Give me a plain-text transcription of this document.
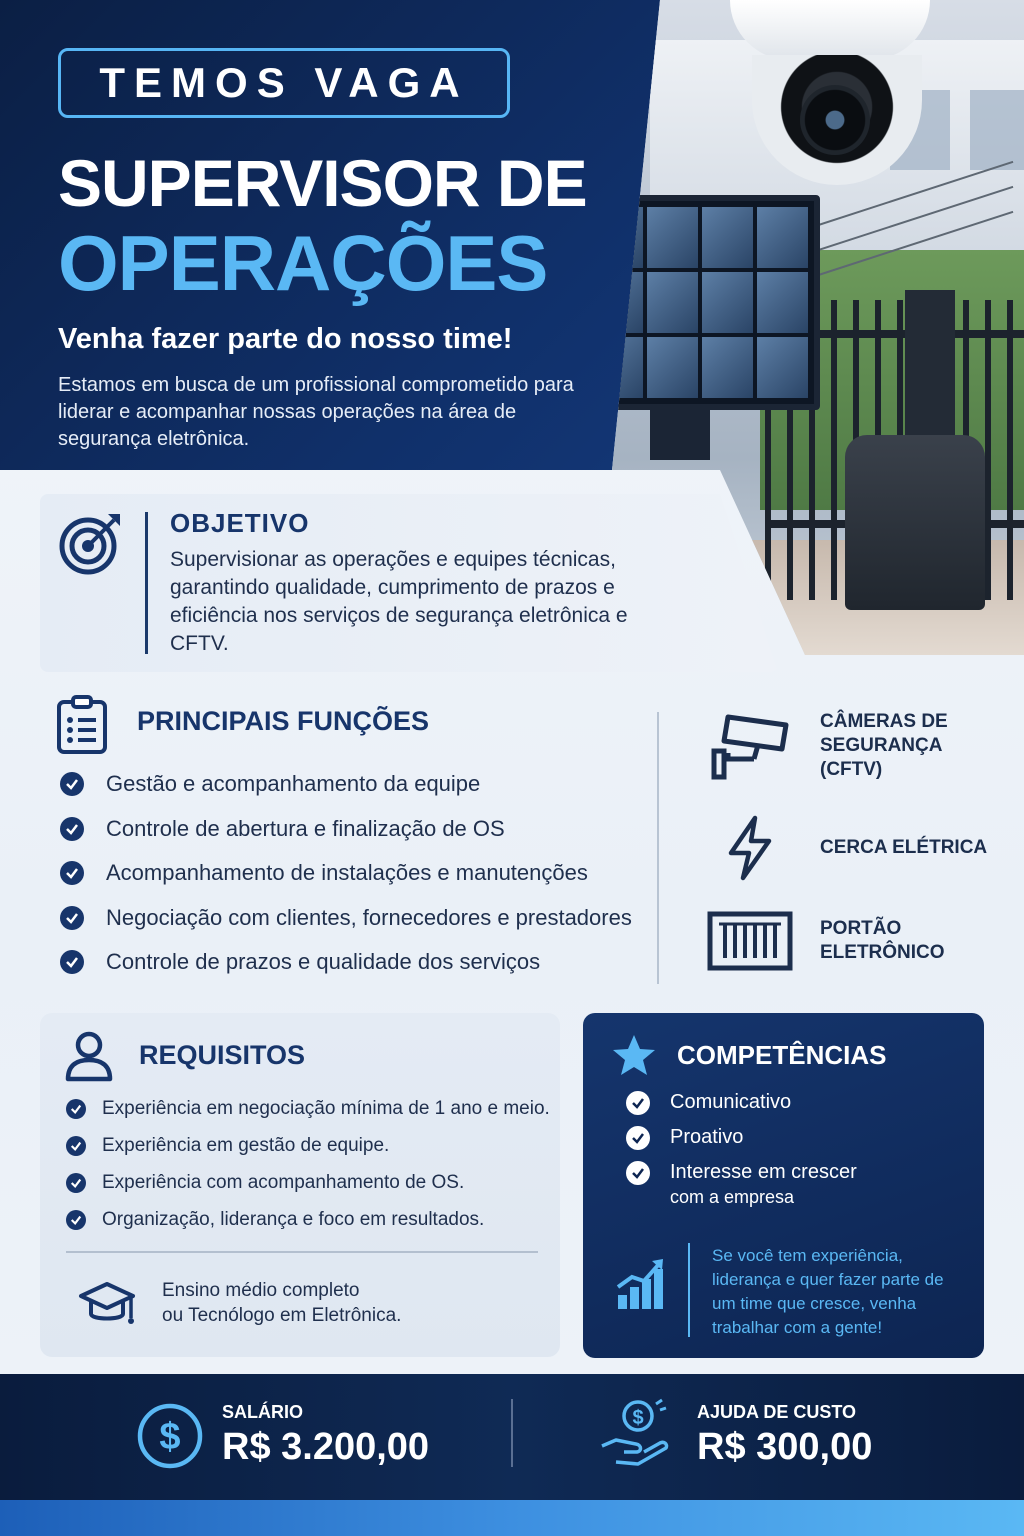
TEMOS VAGA
SUPERVISOR DE
OPERAÇÕES
Venha fazer parte do nosso time!
Estamos em busca de um profissional comprometido para liderar e acompanhar nossas operações na área de segurança eletrônica.
OBJETIVO
Supervisionar as operações e equipes técnicas, garantindo qualidade, cumprimento de prazos e eficiência nos serviços de segurança eletrônica e CFTV.
PRINCIPAIS FUNÇÕES
Gestão e acompanhamento da equipe
Controle de abertura e finalização de OS
Acompanhamento de instalações e manutenções
Negociação com clientes, fornecedores e prestadores
Controle de prazos e qualidade dos serviços
CÂMERAS DE SEGURANÇA (CFTV)
CERCA ELÉTRICA
PORTÃO ELETRÔNICO
REQUISITOS
Experiência em negociação mínima de 1 ano e meio.
Experiência em gestão de equipe.
Experiência com acompanhamento de OS.
Organização, liderança e foco em resultados.
Ensino médio completo
ou Tecnólogo em Eletrônica.
COMPETÊNCIAS
Comunicativo
Proativo
Interesse em crescer
com a empresa
Se você tem experiência, liderança e quer fazer parte de um time que cresce, venha trabalhar com a gente!
$
SALÁRIO
R$ 3.200,00
$	AJUDA DE CUSTO
R$ 300,00
